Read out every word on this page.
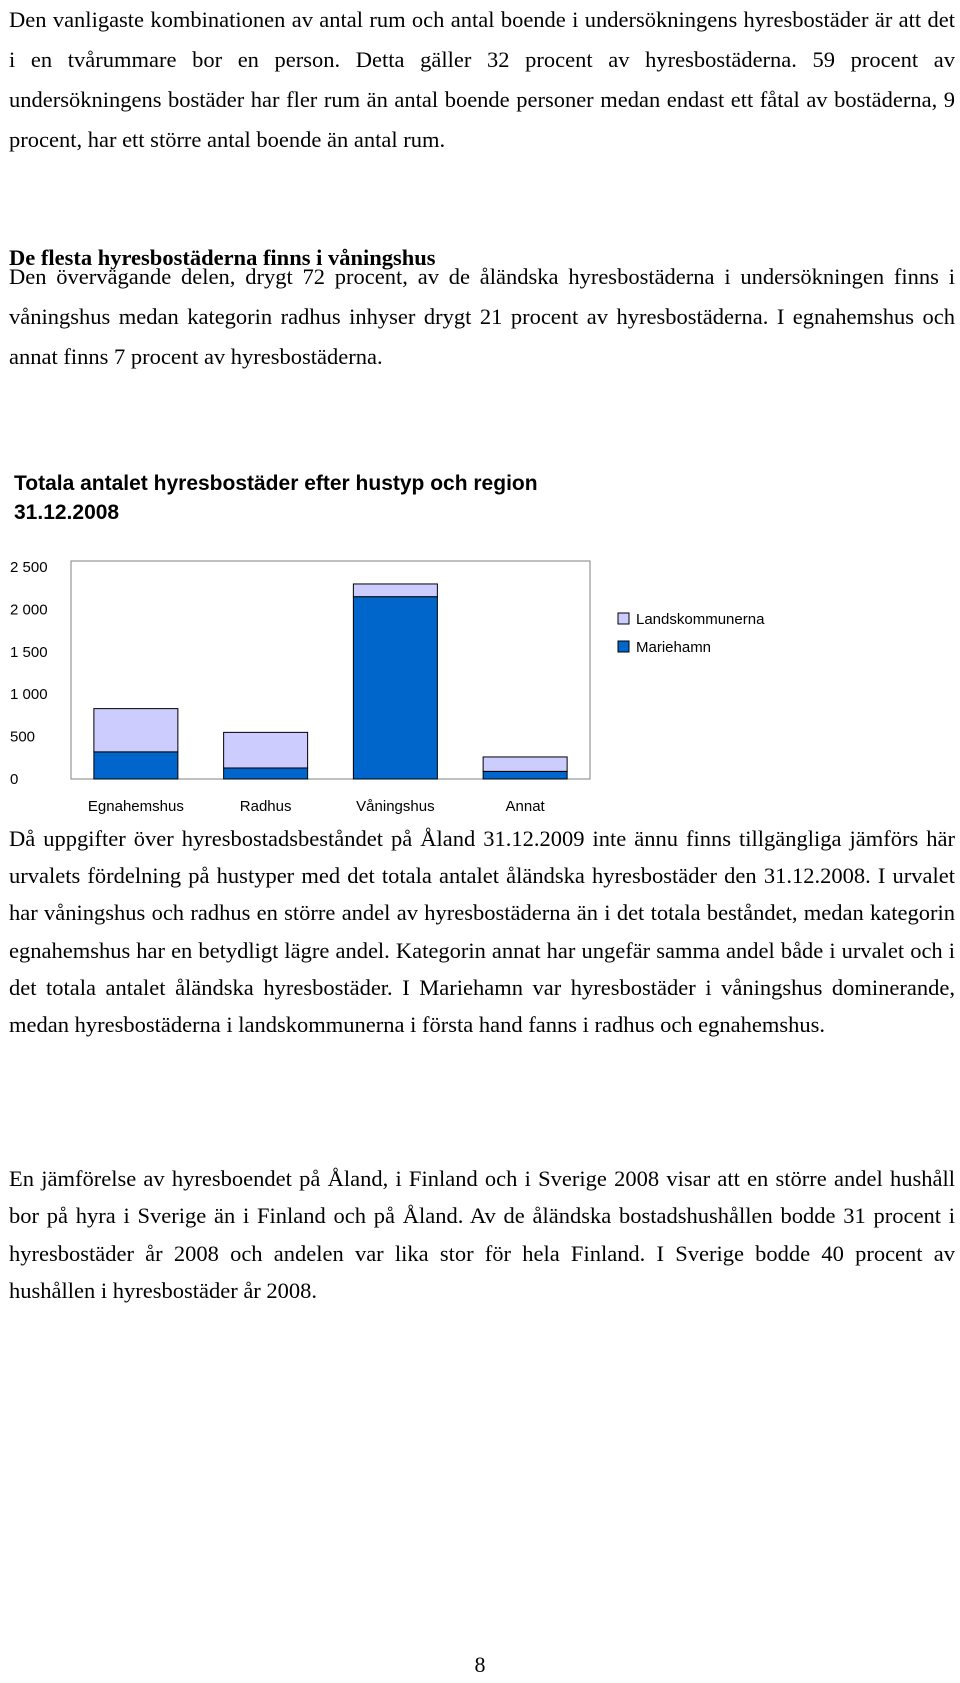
Den vanligaste kombinationen av antal rum och antal boende i undersökningens hyresbostäder är att det i en tvårummare bor en person. Detta gäller 32 procent av hyresbostäderna. 59 procent av undersökningens bostäder har fler rum än antal boende personer medan endast ett fåtal av bostäderna, 9 procent, har ett större antal boende än antal rum.

De flesta hyresbostäderna finns i våningshus

Den övervägande delen, drygt 72 procent, av de åländska hyresbostäderna i undersökningen finns i våningshus medan kategorin radhus inhyser drygt 21 procent av hyresbostäderna. I egnahemshus och annat finns 7 procent av hyresbostäderna.

Totala antalet hyresbostäder efter hustyp och region 31.12.2008
0
500
1 000
1 500
2 000
2 500
Egnahemshus	Radhus	Våningshus	Annat
Landskommunerna
Mariehamn

Då uppgifter över hyresbostadsbeståndet på Åland 31.12.2009 inte ännu finns tillgängliga jämförs här urvalets fördelning på hustyper med det totala antalet åländska hyresbostäder den 31.12.2008. I urvalet har våningshus och radhus en större andel av hyresbostäderna än i det totala beståndet, medan kategorin egnahemshus har en betydligt lägre andel. Kategorin annat har ungefär samma andel både i urvalet och i det totala antalet åländska hyresbostäder. I Mariehamn var hyresbostäder i våningshus dominerande, medan hyresbostäderna i landskommunerna i första hand fanns i radhus och egnahemshus.

En jämförelse av hyresboendet på Åland, i Finland och i Sverige 2008 visar att en större andel hushåll bor på hyra i Sverige än i Finland och på Åland. Av de åländska bostadshushållen bodde 31 procent i hyresbostäder år 2008 och andelen var lika stor för hela Finland. I Sverige bodde 40 procent av hushållen i hyresbostäder år 2008.

8
